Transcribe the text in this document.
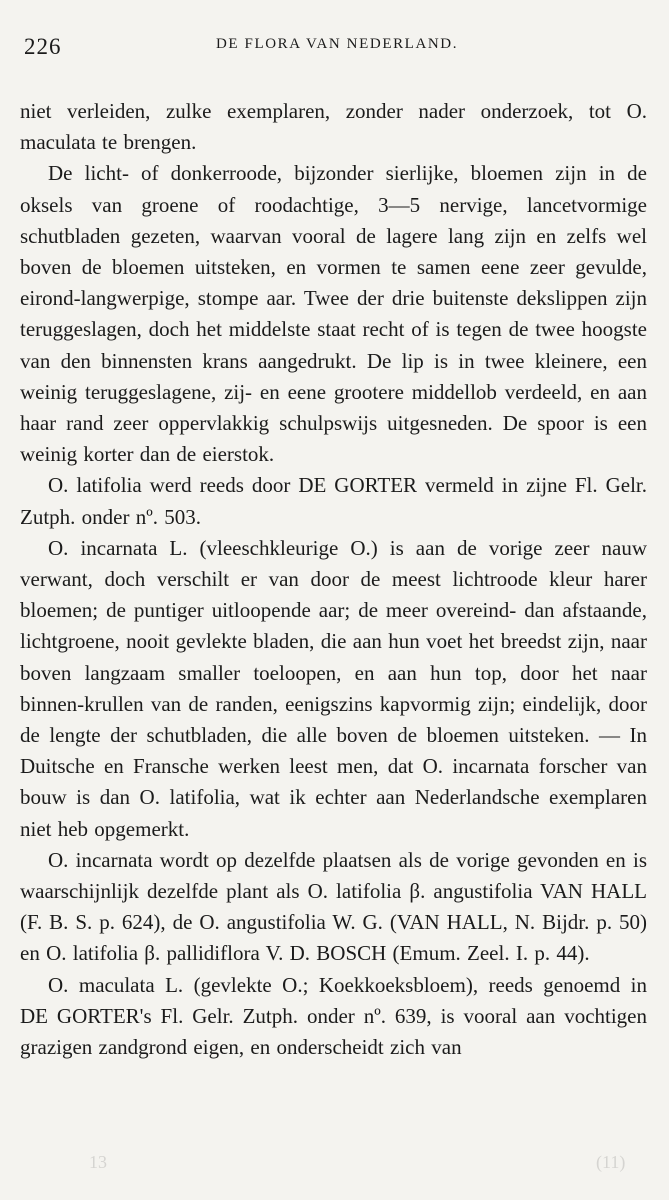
226	DE FLORA VAN NEDERLAND.

niet verleiden, zulke exemplaren, zonder nader onderzoek, tot O. maculata te brengen.

De licht- of donkerroode, bijzonder sierlijke, bloemen zijn in de oksels van groene of roodachtige, 3—5 nervige, lancetvormige schutbladen gezeten, waarvan vooral de lagere lang zijn en zelfs wel boven de bloemen uitsteken, en vormen te samen eene zeer gevulde, eirond-langwerpige, stompe aar. Twee der drie buitenste dekslippen zijn teruggeslagen, doch het middelste staat recht of is tegen de twee hoogste van den binnensten krans aangedrukt. De lip is in twee kleinere, een weinig teruggeslagene, zij- en eene grootere middellob verdeeld, en aan haar rand zeer oppervlakkig schulpswijs uitgesneden. De spoor is een weinig korter dan de eierstok.

O. latifolia werd reeds door DE GORTER vermeld in zijne Fl. Gelr. Zutph. onder nº. 503.

O. incarnata L. (vleeschkleurige O.) is aan de vorige zeer nauw verwant, doch verschilt er van door de meest lichtroode kleur harer bloemen; de puntiger uitloopende aar; de meer overeind- dan afstaande, lichtgroene, nooit gevlekte bladen, die aan hun voet het breedst zijn, naar boven langzaam smaller toeloopen, en aan hun top, door het naar binnen-krullen van de randen, eenigszins kapvormig zijn; eindelijk, door de lengte der schutbladen, die alle boven de bloemen uitsteken. — In Duitsche en Fransche werken leest men, dat O. incarnata forscher van bouw is dan O. latifolia, wat ik echter aan Nederlandsche exemplaren niet heb opgemerkt.

O. incarnata wordt op dezelfde plaatsen als de vorige gevonden en is waarschijnlijk dezelfde plant als O. latifolia β. angustifolia VAN HALL (F. B. S. p. 624), de O. angustifolia W. G. (VAN HALL, N. Bijdr. p. 50) en O. latifolia β. pallidiflora V. D. BOSCH (Emum. Zeel. I. p. 44).

O. maculata L. (gevlekte O.; Koekkoeksbloem), reeds genoemd in DE GORTER's Fl. Gelr. Zutph. onder nº. 639, is vooral aan vochtigen grazigen zandgrond eigen, en onderscheidt zich van

13	(11)
